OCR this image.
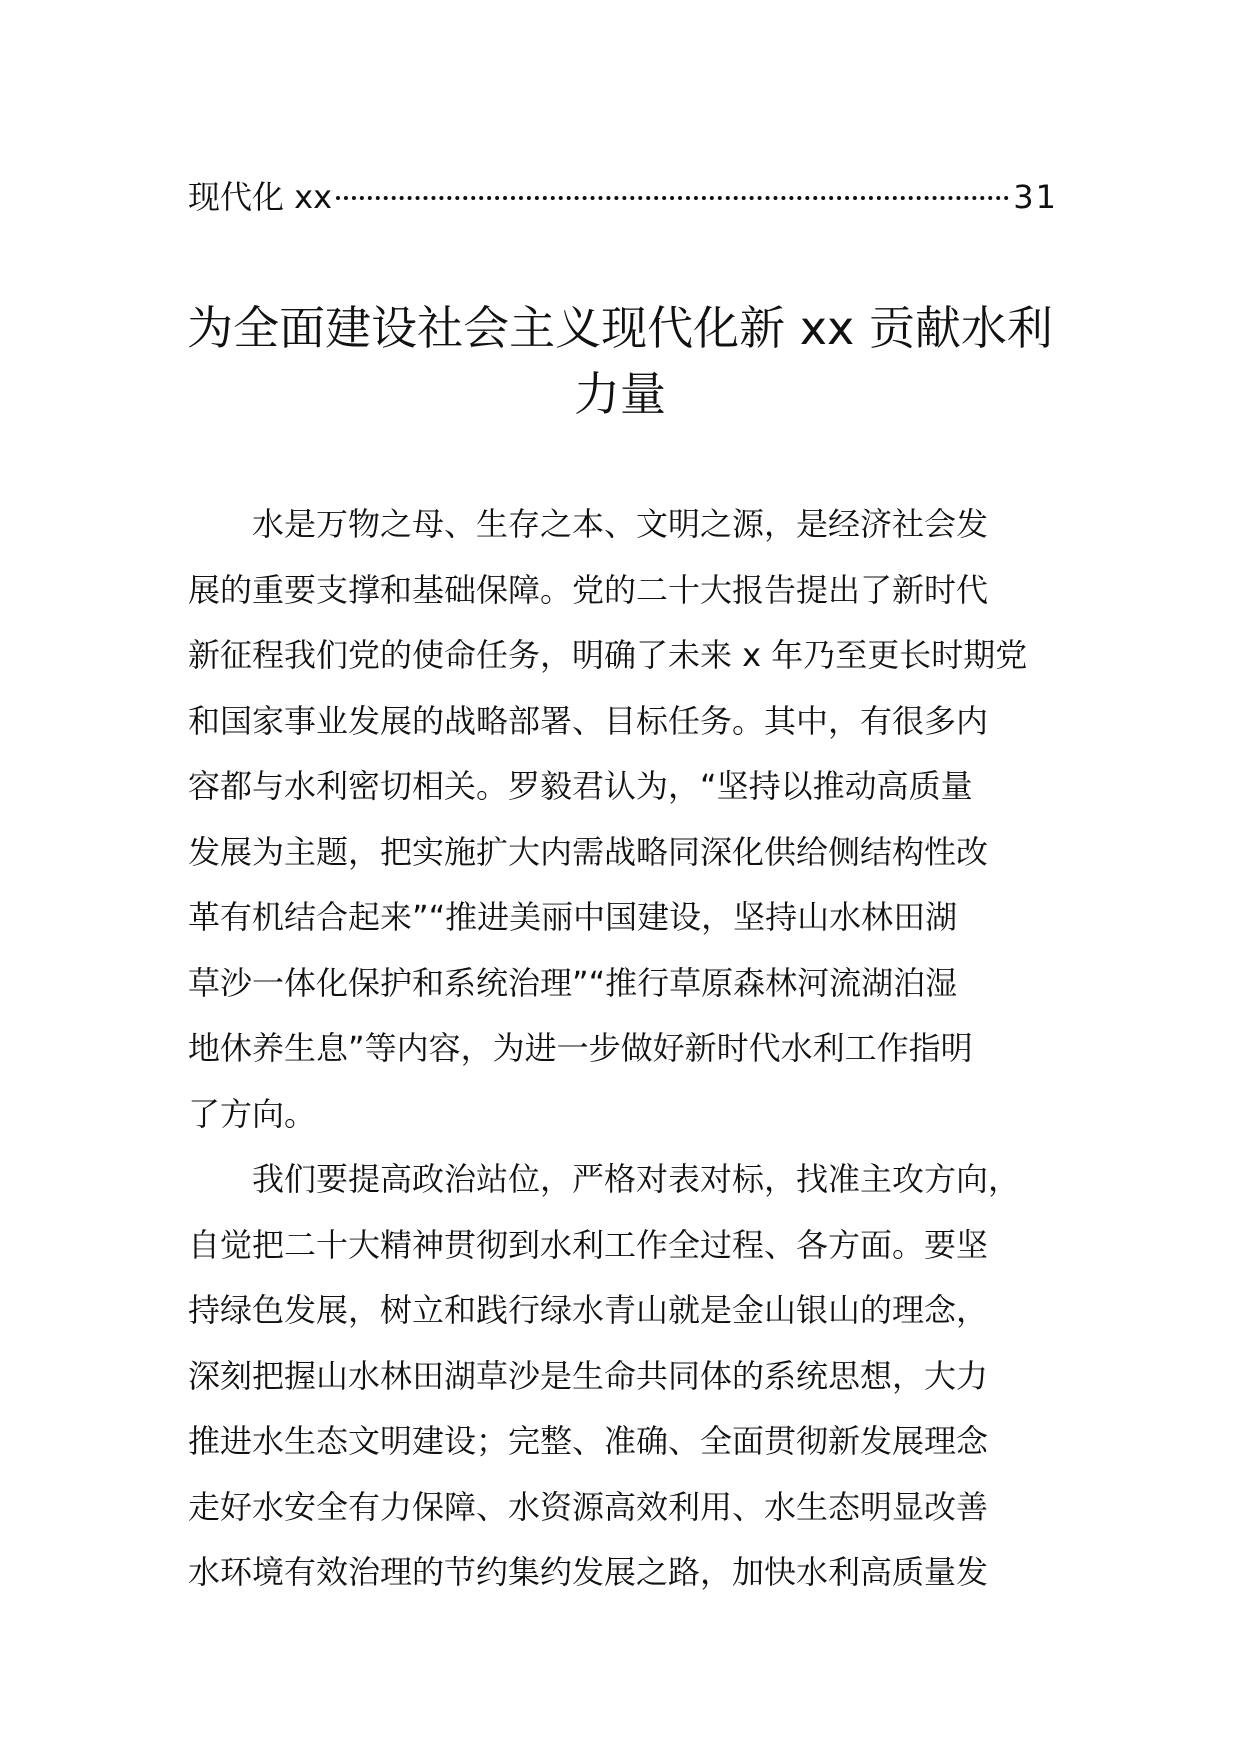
现代化 xx	31
为全面建设社会主义现代化新 xx 贡献水利
力量
水是万物之母、生存之本、文明之源，是经济社会发
展的重要支撑和基础保障。党的二十大报告提出了新时代
新征程我们党的使命任务，明确了未来 x 年乃至更长时期党
和国家事业发展的战略部署、目标任务。其中，有很多内
容都与水利密切相关。罗毅君认为，“坚持以推动高质量
发展为主题，把实施扩大内需战略同深化供给侧结构性改
革有机结合起来”“推进美丽中国建设，坚持山水林田湖
草沙一体化保护和系统治理”“推行草原森林河流湖泊湿
地休养生息”等内容，为进一步做好新时代水利工作指明
了方向。
我们要提高政治站位，严格对表对标，找准主攻方向，
自觉把二十大精神贯彻到水利工作全过程、各方面。要坚
持绿色发展，树立和践行绿水青山就是金山银山的理念，
深刻把握山水林田湖草沙是生命共同体的系统思想，大力
推进水生态文明建设；完整、准确、全面贯彻新发展理念
走好水安全有力保障、水资源高效利用、水生态明显改善
水环境有效治理的节约集约发展之路，加快水利高质量发
